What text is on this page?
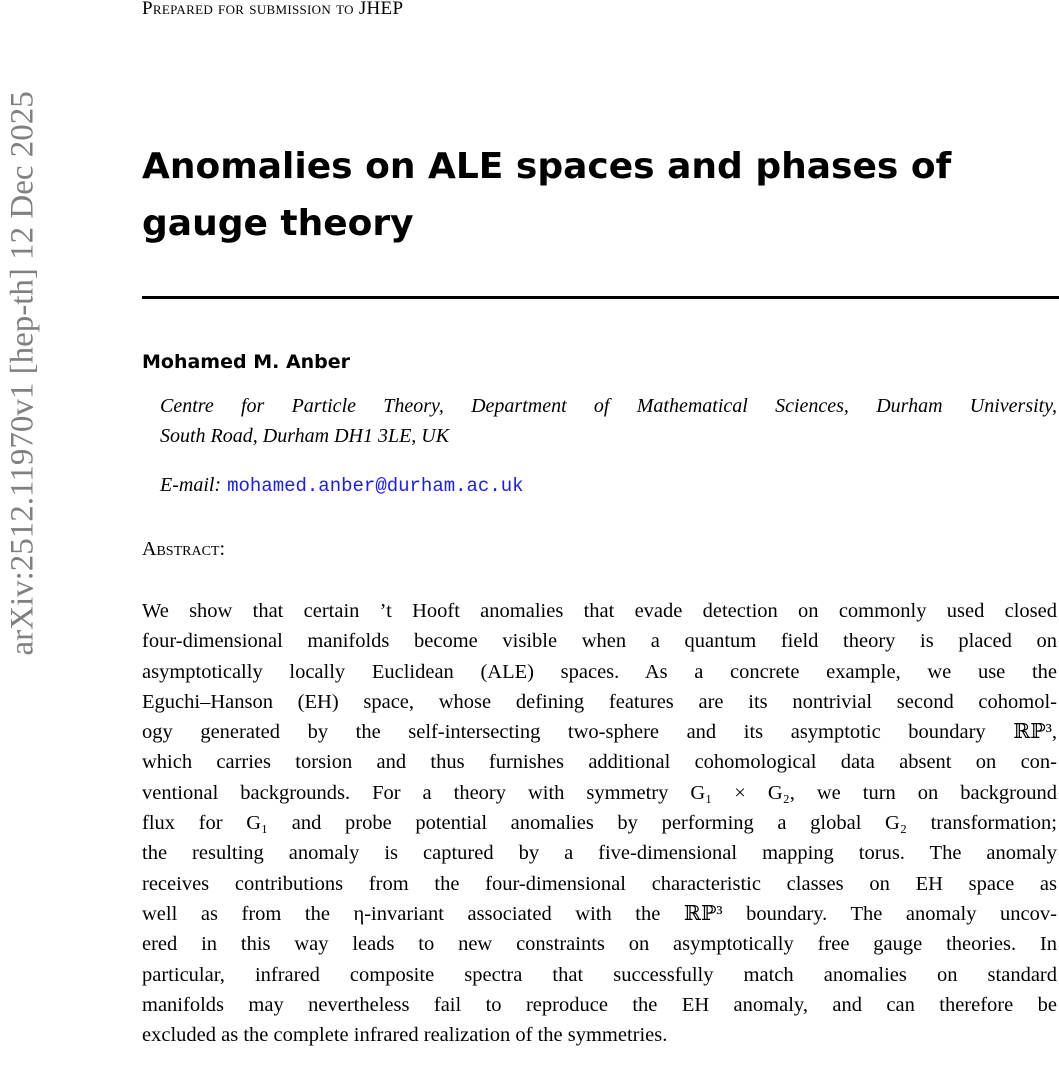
Prepared for submission to JHEP
Anomalies on ALE spaces and phases of gauge theory
Mohamed M. Anber
Centre for Particle Theory, Department of Mathematical Sciences, Durham University,
South Road, Durham DH1 3LE, UK
E-mail: mohamed.anber@durham.ac.uk
Abstract:
We show that certain ’t Hooft anomalies that evade detection on commonly used closed
four-dimensional manifolds become visible when a quantum field theory is placed on
asymptotically locally Euclidean (ALE) spaces. As a concrete example, we use the
Eguchi–Hanson (EH) space, whose defining features are its nontrivial second cohomol-
ogy generated by the self-intersecting two-sphere and its asymptotic boundary ℝℙ³,
which carries torsion and thus furnishes additional cohomological data absent on con-
ventional backgrounds. For a theory with symmetry G₁ × G₂, we turn on background
flux for G₁ and probe potential anomalies by performing a global G₂ transformation;
the resulting anomaly is captured by a five-dimensional mapping torus. The anomaly
receives contributions from the four-dimensional characteristic classes on EH space as
well as from the η-invariant associated with the ℝℙ³ boundary. The anomaly uncov-
ered in this way leads to new constraints on asymptotically free gauge theories. In
particular, infrared composite spectra that successfully match anomalies on standard
manifolds may nevertheless fail to reproduce the EH anomaly, and can therefore be
excluded as the complete infrared realization of the symmetries.
arXiv:2512.11970v1 [hep-th] 12 Dec 2025
